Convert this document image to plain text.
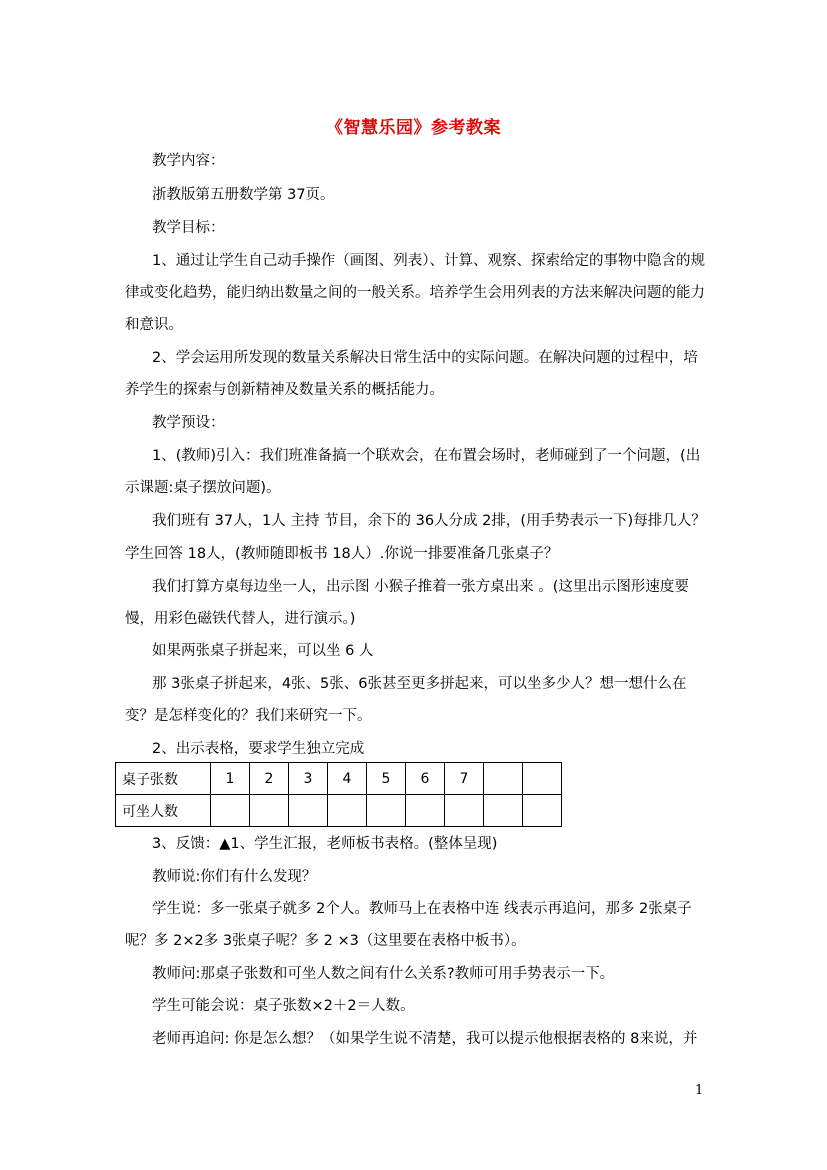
《智慧乐园》参考教案
教学内容：
浙教版第五册数学第 37页。
教学目标：
1、通过让学生自己动手操作（画图、列表）、计算、观察、探索给定的事物中隐含的规
律或变化趋势，能归纳出数量之间的一般关系。培养学生会用列表的方法来解决问题的能力
和意识。
2、学会运用所发现的数量关系解决日常生活中的实际问题。在解决问题的过程中，培
养学生的探索与创新精神及数量关系的概括能力。
教学预设：
1、(教师)引入：我们班准备搞一个联欢会，在布置会场时，老师碰到了一个问题，(出
示课题:桌子摆放问题)。
我们班有 37人，1人 主持 节目，余下的 36人分成 2排，(用手势表示一下)每排几人？
学生回答 18人，(教师随即板书 18人）.你说一排要准备几张桌子？
我们打算方桌每边坐一人，出示图 小猴子推着一张方桌出来 。(这里出示图形速度要
慢，用彩色磁铁代替人，进行演示。)
如果两张桌子拼起来，可以坐 6 人
那 3张桌子拼起来，4张、5张、6张甚至更多拼起来，可以坐多少人？想一想什么在
变？是怎样变化的？我们来研究一下。
2、出示表格，要求学生独立完成
桌子张数	1	2	3	4	5	6	7		
可坐人数									
3、反馈：▲1、学生汇报，老师板书表格。(整体呈现)
教师说:你们有什么发现？
学生说：多一张桌子就多 2个人。教师马上在表格中连 线表示再追问，那多 2张桌子
呢？多 2×2多 3张桌子呢？多 2 ×3（这里要在表格中板书）。
教师问:那桌子张数和可坐人数之间有什么关系?教师可用手势表示一下。
学生可能会说：桌子张数×2＋2＝人数。
老师再追问: 你是怎么想？（如果学生说不清楚，我可以提示他根据表格的 8来说，并
1
